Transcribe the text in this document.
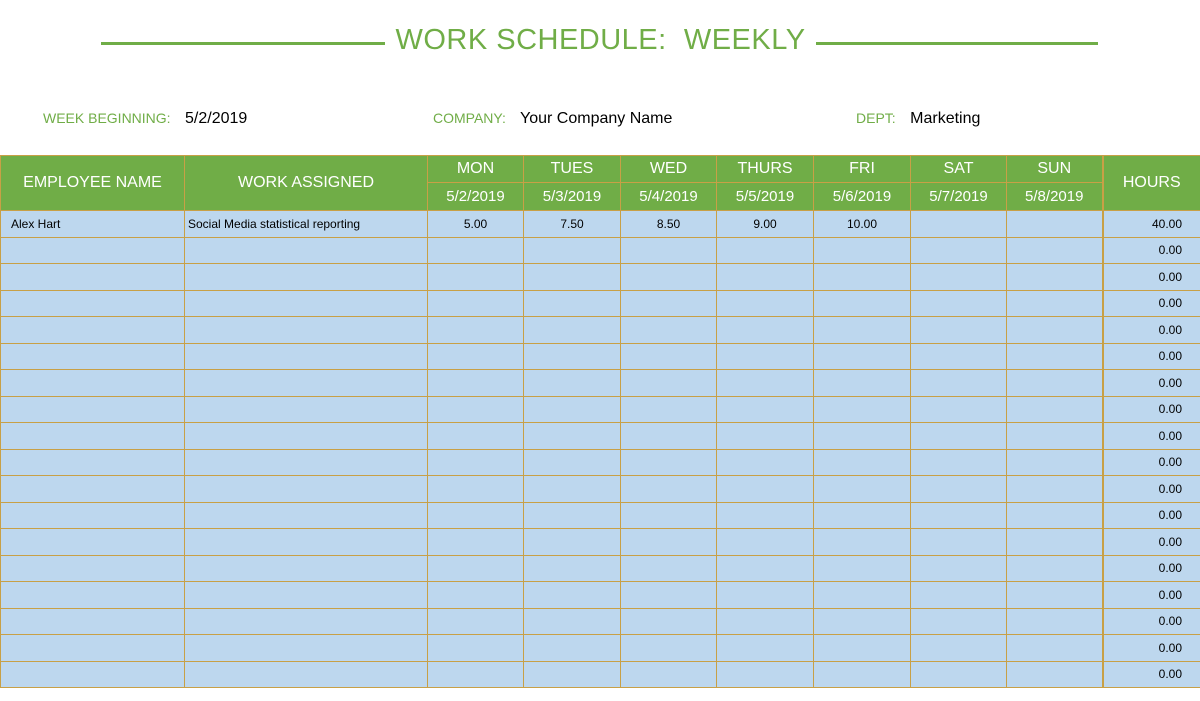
WORK SCHEDULE:  WEEKLY
WEEK BEGINNING: 5/2/2019	COMPANY: Your Company Name	DEPT: Marketing
EMPLOYEE NAME	WORK ASSIGNED	MON	TUES	WED	THURS	FRI	SAT	SUN	HOURS
		5/2/2019	5/3/2019	5/4/2019	5/5/2019	5/6/2019	5/7/2019	5/8/2019	
Alex Hart	Social Media statistical reporting	5.00	7.50	8.50	9.00	10.00			40.00
									0.00
									0.00
									0.00
									0.00
									0.00
									0.00
									0.00
									0.00
									0.00
									0.00
									0.00
									0.00
									0.00
									0.00
									0.00
									0.00
									0.00
